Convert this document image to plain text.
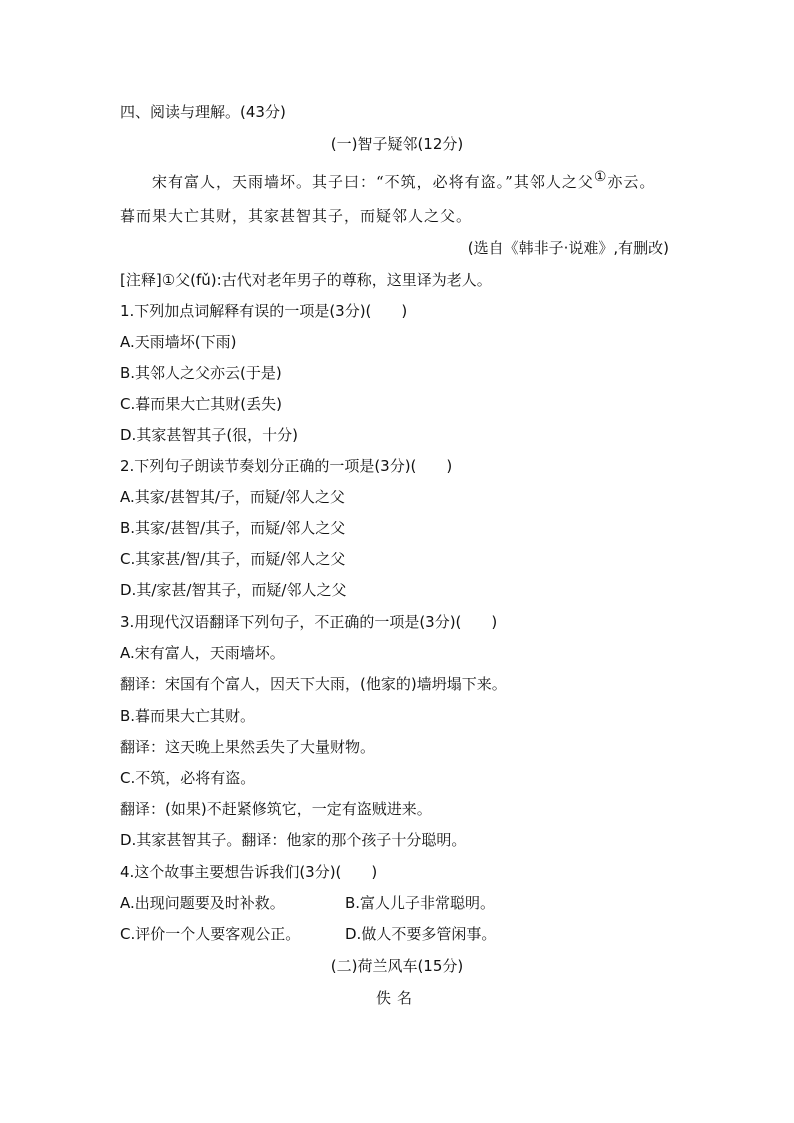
四、阅读与理解。(43分)
(一)智子疑邻(12分)
宋有富人，天雨墙坏。其子曰：“不筑，必将有盗。”其邻人之父①亦云。
暮而果大亡其财，其家甚智其子，而疑邻人之父。
(选自《韩非子·说难》,有删改)
[注释]①父(fǔ):古代对老年男子的尊称，这里译为老人。
1.下列加点词解释有误的一项是(3分)(　　)
A.天雨墙坏(下雨)
B.其邻人之父亦云(于是)
C.暮而果大亡其财(丢失)
D.其家甚智其子(很，十分)
2.下列句子朗读节奏划分正确的一项是(3分)(　　)
A.其家/甚智其/子，而疑/邻人之父
B.其家/甚智/其子，而疑/邻人之父
C.其家甚/智/其子，而疑/邻人之父
D.其/家甚/智其子，而疑/邻人之父
3.用现代汉语翻译下列句子，不正确的一项是(3分)(　　)
A.宋有富人，天雨墙坏。
翻译：宋国有个富人，因天下大雨，(他家的)墙坍塌下来。
B.暮而果大亡其财。
翻译：这天晚上果然丢失了大量财物。
C.不筑，必将有盗。
翻译：(如果)不赶紧修筑它，一定有盗贼进来。
D.其家甚智其子。翻译：他家的那个孩子十分聪明。
4.这个故事主要想告诉我们(3分)(　　)
A.出现问题要及时补救。	B.富人儿子非常聪明。
C.评价一个人要客观公正。	D.做人不要多管闲事。
(二)荷兰风车(15分)
佚名
